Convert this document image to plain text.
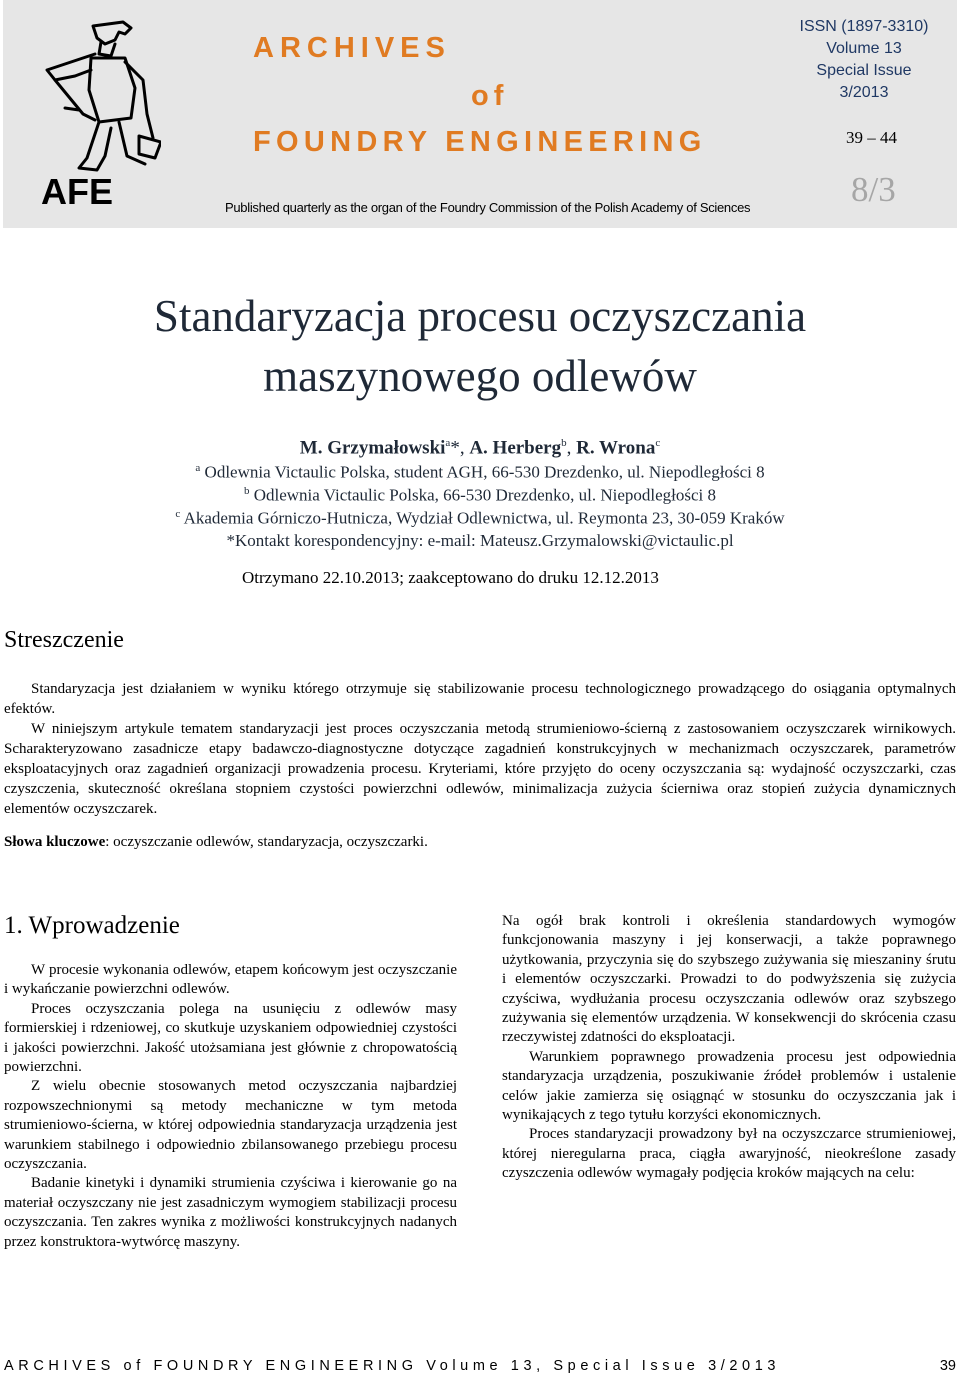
AFE
ARCHIVES
of
FOUNDRY ENGINEERING
Published quarterly as the organ of the Foundry Commission of the Polish Academy of Sciences
ISSN (1897-3310)
Volume 13
Special Issue
3/2013
39 – 44
8/3
Standaryzacja procesu oczyszczania
maszynowego odlewów
M. Grzymałowski$^a$*, A. Herberg$^b$, R. Wrona$^c$
$^a$ Odlewnia Victaulic Polska, student AGH, 66-530 Drezdenko, ul. Niepodległości 8
$^b$ Odlewnia Victaulic Polska, 66-530 Drezdenko, ul. Niepodległości 8
$^c$ Akademia Górniczo-Hutnicza, Wydział Odlewnictwa, ul. Reymonta 23, 30-059 Kraków
*Kontakt korespondencyjny: e-mail: Mateusz.Grzymalowski@victaulic.pl
Otrzymano 22.10.2013; zaakceptowano do druku 12.12.2013
Streszczenie

Standaryzacja jest działaniem w wyniku którego otrzymuje się stabilizowanie procesu technologicznego prowadzącego do osiągania optymalnych efektów.

W niniejszym artykule tematem standaryzacji jest proces oczyszczania metodą strumieniowo-ścierną z zastosowaniem oczyszczarek wirnikowych. Scharakteryzowano zasadnicze etapy badawczo-diagnostyczne dotyczące zagadnień konstrukcyjnych w mechanizmach oczyszczarek, parametrów eksploatacyjnych oraz zagadnień organizacji prowadzenia procesu. Kryteriami, które przyjęto do oceny oczyszczania są: wydajność oczyszczarki, czas czyszczenia, skuteczność określana stopniem czystości powierzchni odlewów, minimalizacja zużycia ścierniwa oraz stopień zużycia dynamicznych elementów oczyszczarek.

Słowa kluczowe: oczyszczanie odlewów, standaryzacja, oczyszczarki.
1. Wprowadzenie

W procesie wykonania odlewów, etapem końcowym jest oczyszczanie i wykańczanie powierzchni odlewów.

Proces oczyszczania polega na usunięciu z odlewów masy formierskiej i rdzeniowej, co skutkuje uzyskaniem odpowiedniej czystości i jakości powierzchni. Jakość utożsamiana jest głównie z chropowatością powierzchni.

Z wielu obecnie stosowanych metod oczyszczania najbardziej rozpowszechnionymi są metody mechaniczne w tym metoda strumieniowo-ścierna, w której odpowiednia standaryzacja urządzenia jest warunkiem stabilnego i odpowiednio zbilansowanego przebiegu procesu oczyszczania.

Badanie kinetyki i dynamiki strumienia czyściwa i kierowanie go na materiał oczyszczany nie jest zasadniczym wymogiem stabilizacji procesu oczyszczania. Ten zakres wynika z możliwości konstrukcyjnych nadanych przez konstruktora-wytwórcę maszyny.

Na ogół brak kontroli i określenia standardowych wymogów funkcjonowania maszyny i jej konserwacji, a także poprawnego użytkowania, przyczynia się do szybszego zużywania się mieszaniny śrutu i elementów oczyszczarki. Prowadzi to do podwyższenia się zużycia czyściwa, wydłużania procesu oczyszczania odlewów oraz szybszego zużywania się elementów urządzenia. W konsekwencji do skrócenia czasu rzeczywistej zdatności do eksploatacji.

Warunkiem poprawnego prowadzenia procesu jest odpowiednia standaryzacja urządzenia, poszukiwanie źródeł problemów i ustalenie celów jakie zamierza się osiągnąć w stosunku do oczyszczania jak i wynikających z tego tytułu korzyści ekonomicznych.

Proces standaryzacji prowadzony był na oczyszczarce strumieniowej, której nieregularna praca, ciągła awaryjność, nieokreślone zasady czyszczenia odlewów wymagały podjęcia kroków mających na celu:

ARCHIVES of FOUNDRY ENGINEERING Volume 13, Special Issue 3/2013	39
